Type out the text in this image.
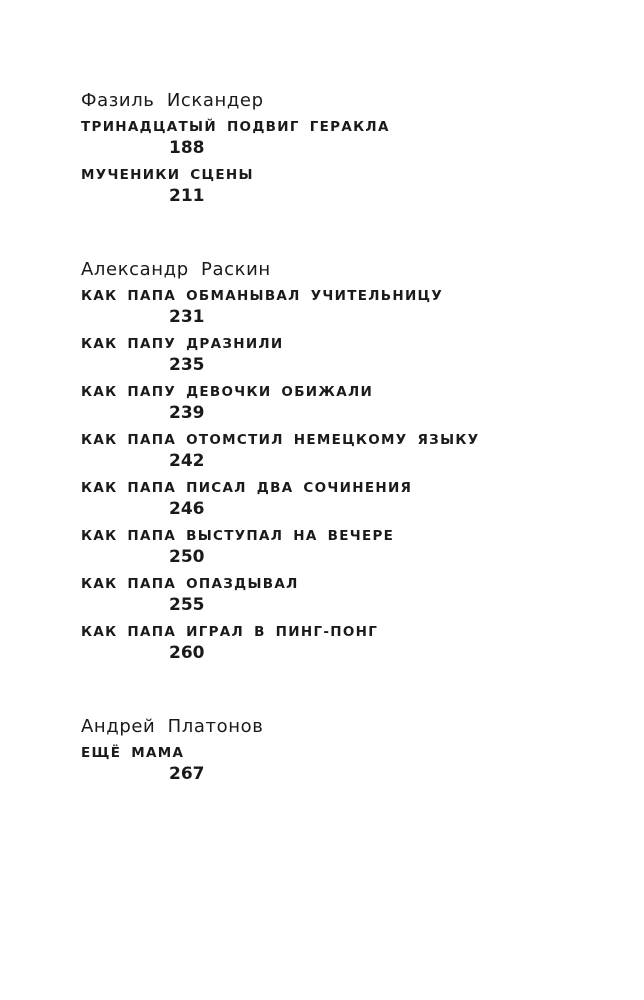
Фазиль Искандер
ТРИНАДЦАТЫЙ ПОДВИГ ГЕРАКЛА
188
МУЧЕНИКИ СЦЕНЫ
211
Александр Раскин
КАК ПАПА ОБМАНЫВАЛ УЧИТЕЛЬНИЦУ
231
КАК ПАПУ ДРАЗНИЛИ
235
КАК ПАПУ ДЕВОЧКИ ОБИЖАЛИ
239
КАК ПАПА ОТОМСТИЛ НЕМЕЦКОМУ ЯЗЫКУ
242
КАК ПАПА ПИСАЛ ДВА СОЧИНЕНИЯ
246
КАК ПАПА ВЫСТУПАЛ НА ВЕЧЕРЕ
250
КАК ПАПА ОПАЗДЫВАЛ
255
КАК ПАПА ИГРАЛ В ПИНГ-ПОНГ
260
Андрей Платонов
ЕЩЁ МАМА
267
